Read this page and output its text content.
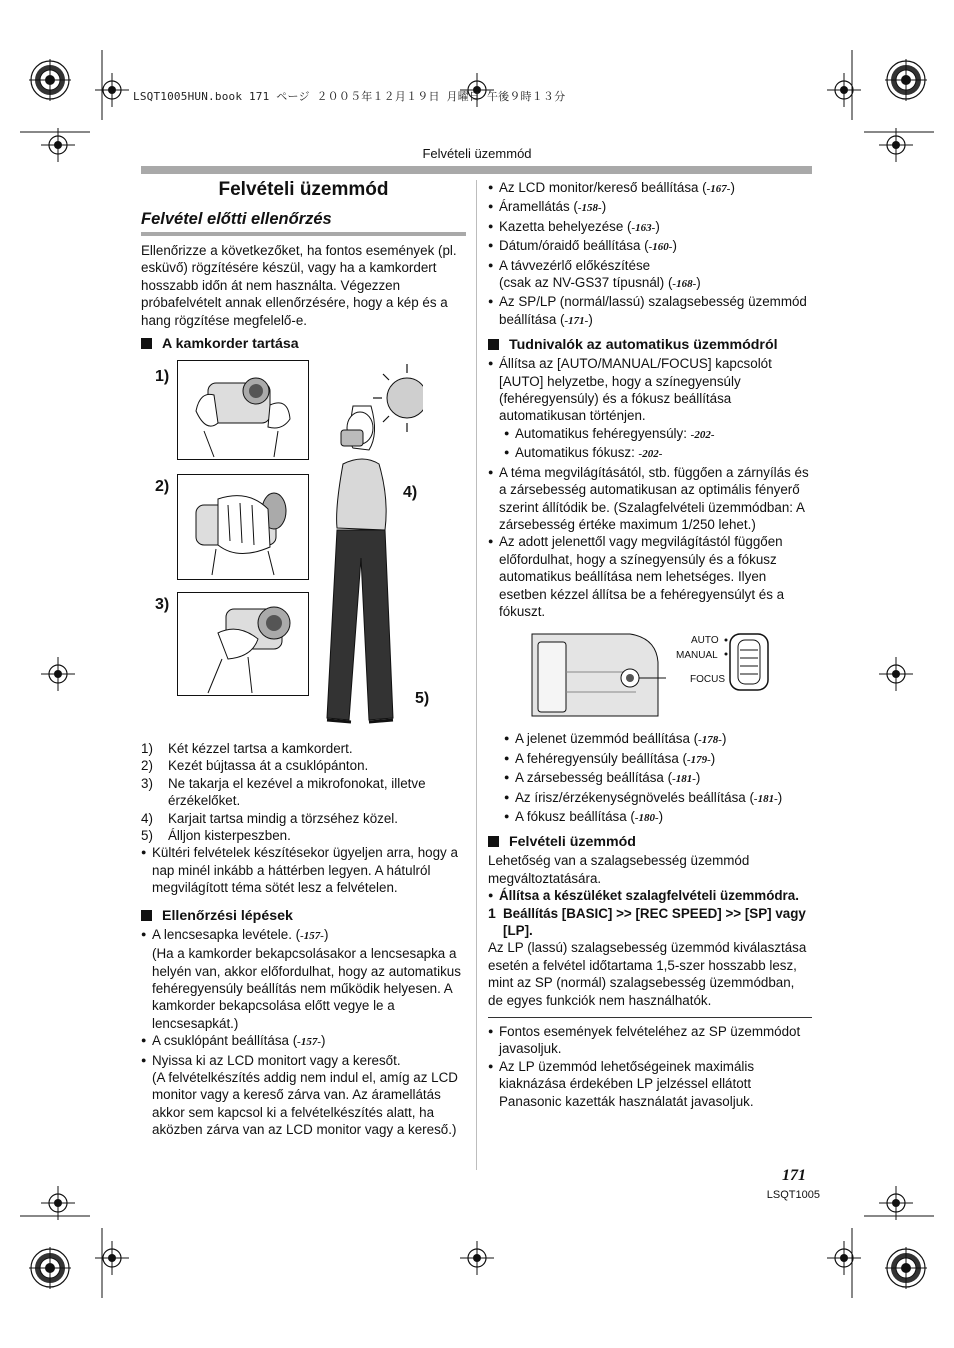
LSQT1005HUN.book 171 ページ ２００５年１２月１９日 月曜日 午後９時１３分
Felvételi üzemmód
Felvételi üzemmód
Felvétel előtti ellenőrzés

Ellenőrizze a következőket, ha fontos események (pl. esküvő) rögzítésére készül, vagy ha a kamkordert hosszabb időn át nem használta. Végezzen próbafelvételt annak ellenőrzésére, hogy a kép és a hang rögzítése megfelelő-e.

A kamkorder tartása
1)
2)
3)
4)
5)
1) Két kézzel tartsa a kamkordert.
2) Kezét bújtassa át a csuklópánton.
3) Ne takarja el kezével a mikrofonokat, illetve érzékelőket.
4) Karjait tartsa mindig a törzséhez közel.
5) Álljon kisterpeszben.
● Kültéri felvételek készítésekor ügyeljen arra, hogy a nap minél inkább a háttérben legyen. A hátulról megvilágított téma sötét lesz a felvételen.
Ellenőrzési lépések
● A lencsesapka levétele. (-157-)
(Ha a kamkorder bekapcsolásakor a lencsesapka a helyén van, akkor előfordulhat, hogy az automatikus fehéregyensúly beállítás nem működik helyesen. A kamkorder bekapcsolása előtt vegye le a lencsesapkát.)
● A csuklópánt beállítása (-157-)
● Nyissa ki az LCD monitort vagy a keresőt.
(A felvételkészítés addig nem indul el, amíg az LCD monitor vagy a kereső zárva van. Az áramellátás akkor sem kapcsol ki a felvételkészítés alatt, ha aközben zárva van az LCD monitor vagy a kereső.)
● Az LCD monitor/kereső beállítása (-167-)
● Áramellátás (-158-)
● Kazetta behelyezése (-163-)
● Dátum/óraidő beállítása (-160-)
● A távvezérlő előkészítése
(csak az NV-GS37 típusnál) (-168-)
● Az SP/LP (normál/lassú) szalagsebesség üzemmód beállítása (-171-)
Tudnivalók az automatikus üzemmódról
● Állítsa az [AUTO/MANUAL/FOCUS] kapcsolót [AUTO] helyzetbe, hogy a színegyensúly (fehéregyensúly) és a fókusz beállítása automatikusan történjen.
● Automatikus fehéregyensúly: -202-
● Automatikus fókusz: -202-
● A téma megvilágításától, stb. függően a zárnyílás és a zársebesség automatikusan az optimális fényerő szerint állítódik be. (Szalagfelvételi üzemmódban: A zársebesség értéke maximum 1/250 lehet.)
● Az adott jelenettől vagy megvilágítástól függően előfordulhat, hogy a színegyensúly és a fókusz automatikus beállítása nem lehetséges. Ilyen esetben kézzel állítsa be a fehéregyensúlyt és a fókuszt.
AUTO
MANUAL
FOCUS
● A jelenet üzemmód beállítása (-178-)
● A fehéregyensúly beállítása (-179-)
● A zársebesség beállítása (-181-)
● Az írisz/érzékenységnövelés beállítása (-181-)
● A fókusz beállítása (-180-)
Felvételi üzemmód

Lehetőség van a szalagsebesség üzemmód megváltoztatására.

● Állítsa a készüléket szalagfelvételi üzemmódra.
1 Beállítás [BASIC] >> [REC SPEED] >> [SP] vagy [LP].

Az LP (lassú) szalagsebesség üzemmód kiválasztása esetén a felvétel időtartama 1,5-szer hosszabb lesz, mint az SP (normál) szalagsebesség üzemmódban, de egyes funkciók nem használhatók.

● Fontos események felvételéhez az SP üzemmódot javasoljuk.
● Az LP üzemmód lehetőségeinek maximális kiaknázása érdekében LP jelzéssel ellátott Panasonic kazetták használatát javasoljuk.
171
LSQT1005
